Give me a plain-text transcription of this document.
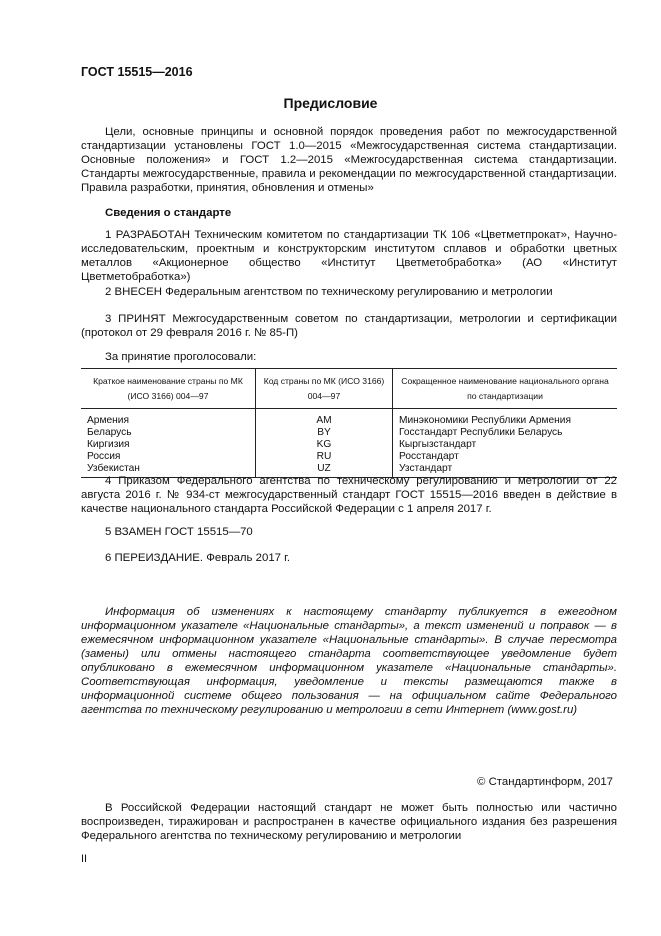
ГОСТ 15515—2016
Предисловие
Цели, основные принципы и основной порядок проведения работ по межгосударственной стандартизации установлены ГОСТ 1.0—2015 «Межгосударственная система стандартизации. Основные положения» и ГОСТ 1.2—2015 «Межгосударственная система стандартизации. Стандарты межгосударственные, правила и рекомендации по межгосударственной стандартизации. Правила разработки, принятия, обновления и отмены»
Сведения о стандарте
1 РАЗРАБОТАН Техническим комитетом по стандартизации ТК 106 «Цветметпрокат», Научно-исследовательским, проектным и конструкторским институтом сплавов и обработки цветных металлов «Акционерное общество «Институт Цветметобработка» (АО «Институт Цветметобработка»)
2 ВНЕСЕН Федеральным агентством по техническому регулированию и метрологии
3 ПРИНЯТ Межгосударственным советом по стандартизации, метрологии и сертификации (протокол от 29 февраля 2016 г. № 85-П)
За принятие проголосовали:
Краткое наименование страны по МК (ИСО 3166) 004—97	Код страны по МК (ИСО 3166) 004—97	Сокращенное наименование национального органа по стандартизации
Армения	AM	Минэкономики Республики Армения
Беларусь	BY	Госстандарт Республики Беларусь
Киргизия	KG	Кыргызстандарт
Россия	RU	Росстандарт
Узбекистан	UZ	Узстандарт
4 Приказом Федерального агентства по техническому регулированию и метрологии от 22 августа 2016 г. № 934-ст межгосударственный стандарт ГОСТ 15515—2016 введен в действие в качестве национального стандарта Российской Федерации с 1 апреля 2017 г.
5 ВЗАМЕН ГОСТ 15515—70
6 ПЕРЕИЗДАНИЕ. Февраль 2017 г.
Информация об изменениях к настоящему стандарту публикуется в ежегодном информационном указателе «Национальные стандарты», а текст изменений и поправок — в ежемесячном информационном указателе «Национальные стандарты». В случае пересмотра (замены) или отмены настоящего стандарта соответствующее уведомление будет опубликовано в ежемесячном информационном указателе «Национальные стандарты». Соответствующая информация, уведомление и тексты размещаются также в информационной системе общего пользования — на официальном сайте Федерального агентства по техническому регулированию и метрологии в сети Интернет (www.gost.ru)
© Стандартинформ, 2017
В Российской Федерации настоящий стандарт не может быть полностью или частично воспроизведен, тиражирован и распространен в качестве официального издания без разрешения Федерального агентства по техническому регулированию и метрологии
II
